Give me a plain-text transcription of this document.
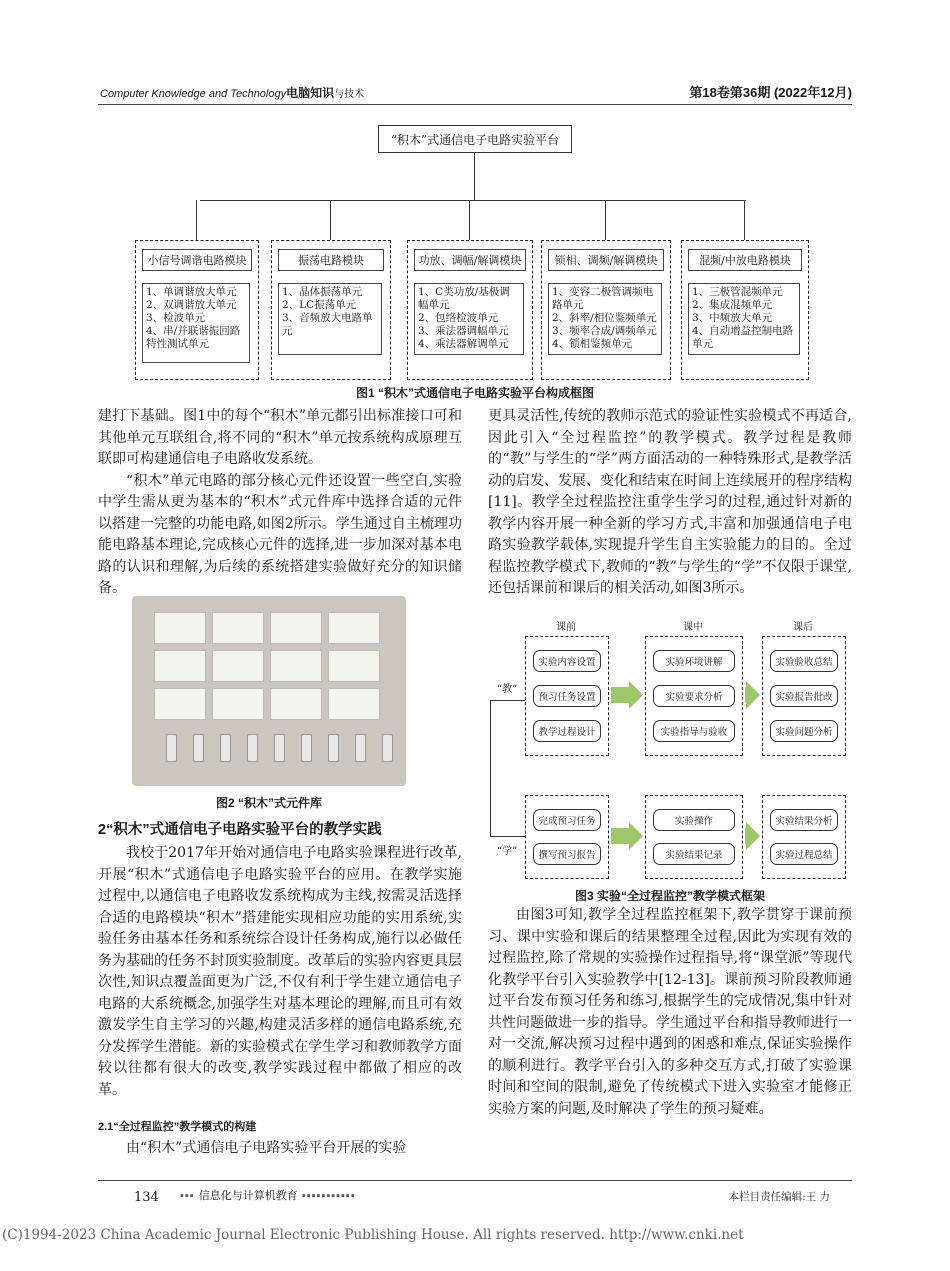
Computer Knowledge and Technology电脑知识与技术	第18卷第36期 (2022年12月)
“积木”式通信电子电路实验平台
小信号调谐电路模块
1、单调谐放大单元
2、双调谐放大单元
3、检波单元
4、串/并联谐振回路特性测试单元
振荡电路模块
1、晶体振荡单元
2、LC振荡单元
3、音频放大电路单元
功放、调幅/解调模块
1、C类功放/基极调幅单元
2、包络检波单元
3、乘法器调幅单元
4、乘法器解调单元
锁相、调频/解调模块
1、变容二极管调频电路单元
2、斜率/相位鉴频单元
3、频率合成/调频单元
4、锁相鉴频单元
混频/中放电路模块
1、三极管混频单元
2、集成混频单元
3、中频放大单元
4、自动增益控制电路单元
图1 “积木”式通信电子电路实验平台构成框图

建打下基础。图1中的每个“积木”单元都引出标准接口可和其他单元互联组合,将不同的“积木”单元按系统构成原理互联即可构建通信电子电路收发系统。

“积木”单元电路的部分核心元件还设置一些空白,实验中学生需从更为基本的“积木”式元件库中选择合适的元件以搭建一完整的功能电路,如图2所示。学生通过自主梳理功能电路基本理论,完成核心元件的选择,进一步加深对基本电路的认识和理解,为后续的系统搭建实验做好充分的知识储备。

图2 “积木”式元件库
2“积木”式通信电子电路实验平台的教学实践

我校于2017年开始对通信电子电路实验课程进行改革,开展“积木”式通信电子电路实验平台的应用。在教学实施过程中,以通信电子电路收发系统构成为主线,按需灵活选择合适的电路模块“积木”搭建能实现相应功能的实用系统,实验任务由基本任务和系统综合设计任务构成,施行以必做任务为基础的任务不封顶实验制度。改革后的实验内容更具层次性,知识点覆盖面更为广泛,不仅有利于学生建立通信电子电路的大系统概念,加强学生对基本理论的理解,而且可有效激发学生自主学习的兴趣,构建灵活多样的通信电路系统,充分发挥学生潜能。新的实验模式在学生学习和教师教学方面较以往都有很大的改变,教学实践过程中都做了相应的改革。

2.1“全过程监控”教学模式的构建

由“积木”式通信电子电路实验平台开展的实验

更具灵活性,传统的教师示范式的验证性实验模式不再适合,因此引入“全过程监控”的教学模式。教学过程是教师的“教”与学生的“学”两方面活动的一种特殊形式,是教学活动的启发、发展、变化和结束在时间上连续展开的程序结构[11]。教学全过程监控注重学生学习的过程,通过针对新的教学内容开展一种全新的学习方式,丰富和加强通信电子电路实验教学载体,实现提升学生自主实验能力的目的。全过程监控教学模式下,教师的“教”与学生的“学”不仅限于课堂,还包括课前和课后的相关活动,如图3所示。

课前	课中	课后
“教”
“学”
实验内容设置
预习任务设置
教学过程设计
实验环境讲解
实验要求分析
实验指导与验收
实验验收总结
实验报告批改
实验问题分析
完成预习任务
撰写预习报告
实验操作
实验结果记录
实验结果分析
实验过程总结
图3 实验“全过程监控”教学模式框架

由图3可知,教学全过程监控框架下,教学贯穿于课前预习、课中实验和课后的结果整理全过程,因此为实现有效的过程监控,除了常规的实验操作过程指导,将“课堂派”等现代化教学平台引入实验教学中[12-13]。课前预习阶段教师通过平台发布预习任务和练习,根据学生的完成情况,集中针对共性问题做进一步的指导。学生通过平台和指导教师进行一对一交流,解决预习过程中遇到的困惑和难点,保证实验操作的顺利进行。教学平台引入的多种交互方式,打破了实验课时间和空间的限制,避免了传统模式下进入实验室才能修正实验方案的问题,及时解决了学生的预习疑难。

134 ▪▪▪ 信息化与计算机教育 ▪▪▪▪▪▪▪▪▪▪▪	本栏目责任编辑:王 力
(C)1994-2023 China Academic Journal Electronic Publishing House. All rights reserved. http://www.cnki.net
